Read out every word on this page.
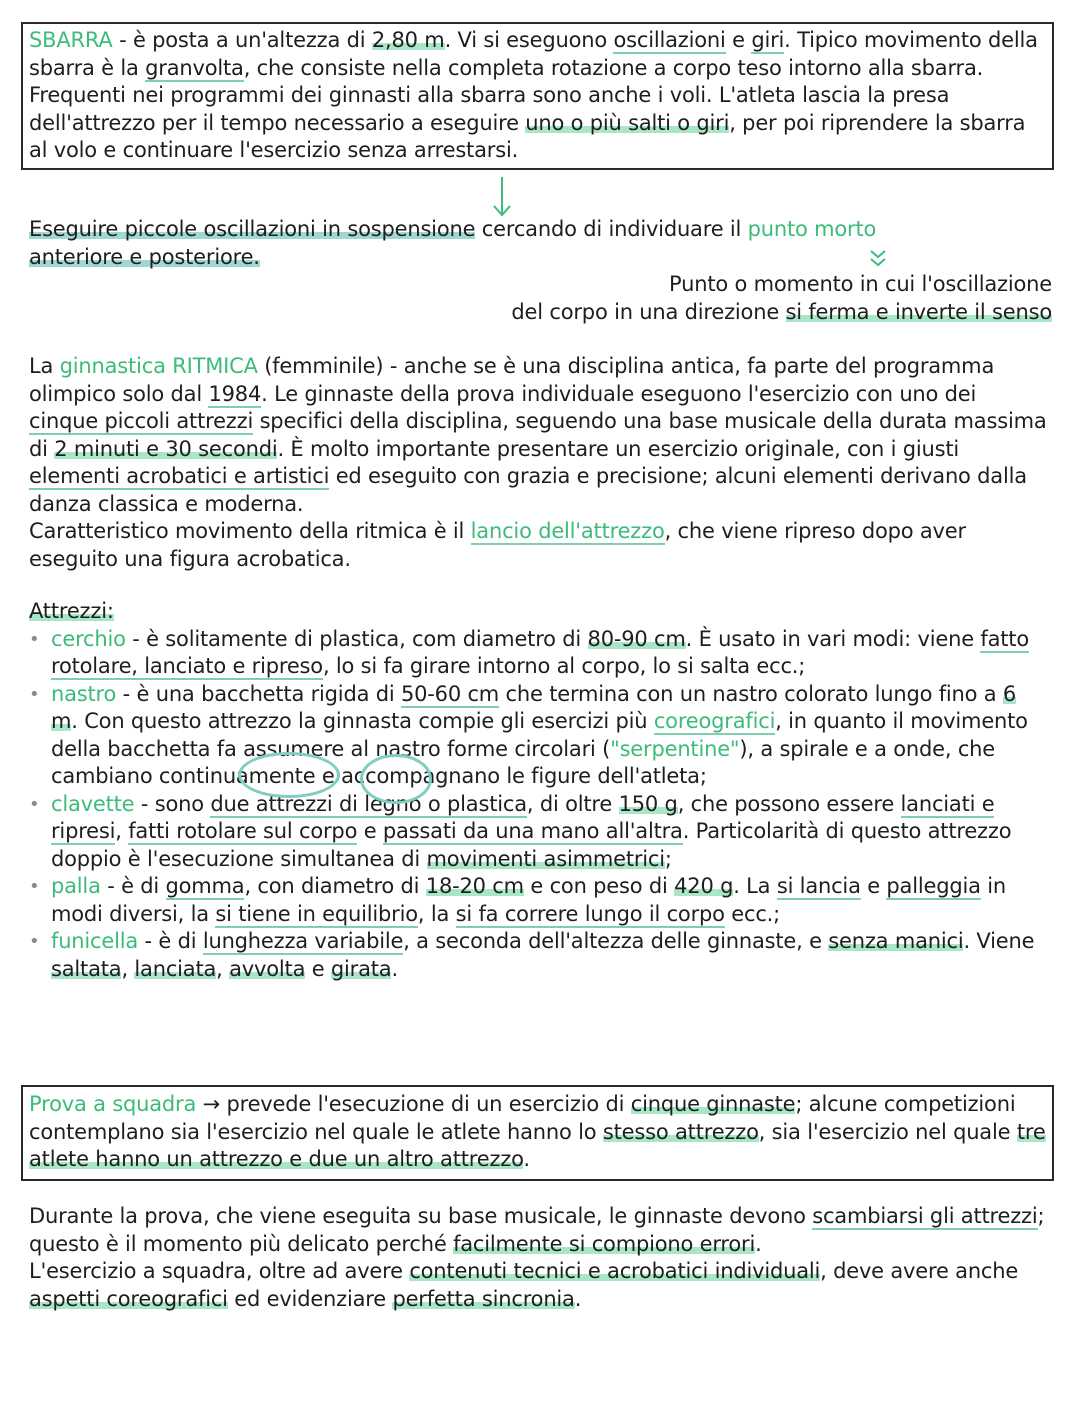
SBARRA - è posta a un'altezza di 2,80 m. Vi si eseguono oscillazioni e giri. Tipico movimento della sbarra è la granvolta, che consiste nella completa rotazione a corpo teso intorno alla sbarra. Frequenti nei programmi dei ginnasti alla sbarra sono anche i voli. L'atleta lascia la presa dell'attrezzo per il tempo necessario a eseguire uno o più salti o giri, per poi riprendere la sbarra al volo e continuare l'esercizio senza arrestarsi.
Eseguire piccole oscillazioni in sospensione cercando di individuare il punto morto
anteriore e posteriore.
Punto o momento in cui l'oscillazione
del corpo in una direzione si ferma e inverte il senso
La ginnastica RITMICA (femminile) - anche se è una disciplina antica, fa parte del programma olimpico solo dal 1984. Le ginnaste della prova individuale eseguono l'esercizio con uno dei cinque piccoli attrezzi specifici della disciplina, seguendo una base musicale della durata massima di 2 minuti e 30 secondi. È molto importante presentare un esercizio originale, con i giusti elementi acrobatici e artistici ed eseguito con grazia e precisione; alcuni elementi derivano dalla danza classica e moderna.
Caratteristico movimento della ritmica è il lancio dell'attrezzo, che viene ripreso dopo aver eseguito una figura acrobatica.
Attrezzi:
• cerchio - è solitamente di plastica, com diametro di 80-90 cm. È usato in vari modi: viene fatto rotolare, lanciato e ripreso, lo si fa girare intorno al corpo, lo si salta ecc.;
• nastro - è una bacchetta rigida di 50-60 cm che termina con un nastro colorato lungo fino a 6 m. Con questo attrezzo la ginnasta compie gli esercizi più coreografici, in quanto il movimento della bacchetta fa assumere al nastro forme circolari ("serpentine"), a spirale e a onde, che cambiano continuamente e accompagnano le figure dell'atleta;
• clavette - sono due attrezzi di legno o plastica, di oltre 150 g, che possono essere lanciati e ripresi, fatti rotolare sul corpo e passati da una mano all'altra. Particolarità di questo attrezzo doppio è l'esecuzione simultanea di movimenti asimmetrici;
• palla - è di gomma, con diametro di 18-20 cm e con peso di 420 g. La si lancia e palleggia in modi diversi, la si tiene in equilibrio, la si fa correre lungo il corpo ecc.;
• funicella - è di lunghezza variabile, a seconda dell'altezza delle ginnaste, e senza manici. Viene saltata, lanciata, avvolta e girata.
Prova a squadra → prevede l'esecuzione di un esercizio di cinque ginnaste; alcune competizioni contemplano sia l'esercizio nel quale le atlete hanno lo stesso attrezzo, sia l'esercizio nel quale tre atlete hanno un attrezzo e due un altro attrezzo.
Durante la prova, che viene eseguita su base musicale, le ginnaste devono scambiarsi gli attrezzi; questo è il momento più delicato perché facilmente si compiono errori.
L'esercizio a squadra, oltre ad avere contenuti tecnici e acrobatici individuali, deve avere anche aspetti coreografici ed evidenziare perfetta sincronia.
